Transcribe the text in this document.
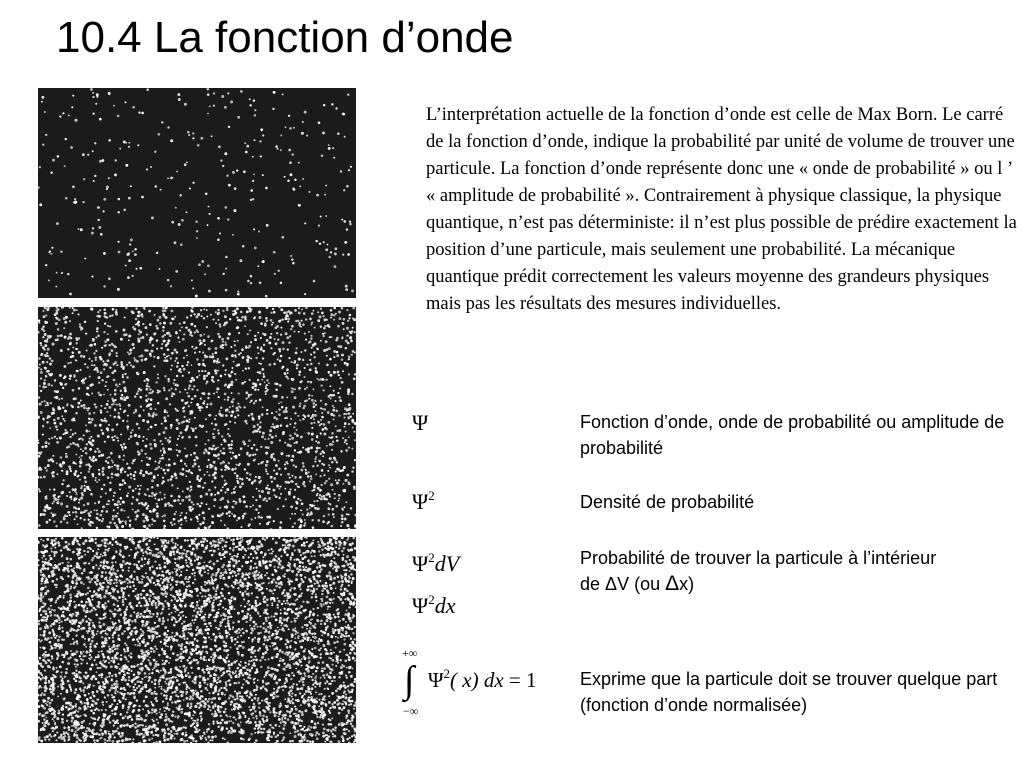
10.4 La fonction d’onde
L’interprétation actuelle de la fonction d’onde est celle de Max Born. Le carré de la fonction d’onde, indique la probabilité par unité de volume de trouver une particule. La fonction d’onde représente donc une « onde de probabilité » ou l ’ « amplitude de probabilité ». Contrairement à physique classique, la physique quantique, n’est pas déterministe: il n’est plus possible de prédire exactement la position d’une particule, mais seulement une probabilité. La mécanique quantique prédit correctement les valeurs moyenne des grandeurs physiques mais pas les résultats des mesures individuelles.
Ψ	Fonction d’onde, onde de probabilité ou amplitude de probabilité
$\Psi^2$	Densité de probabilité
$\Psi^2dV$
$\Psi^2dx$
Probabilité de trouver la particule à l’intérieur de ΔV (ou Δx)
+∞
∫
−∞
$\Psi^2$( x) dx = 1 Exprime que la particule doit se trouver quelque part (fonction d’onde normalisée)
